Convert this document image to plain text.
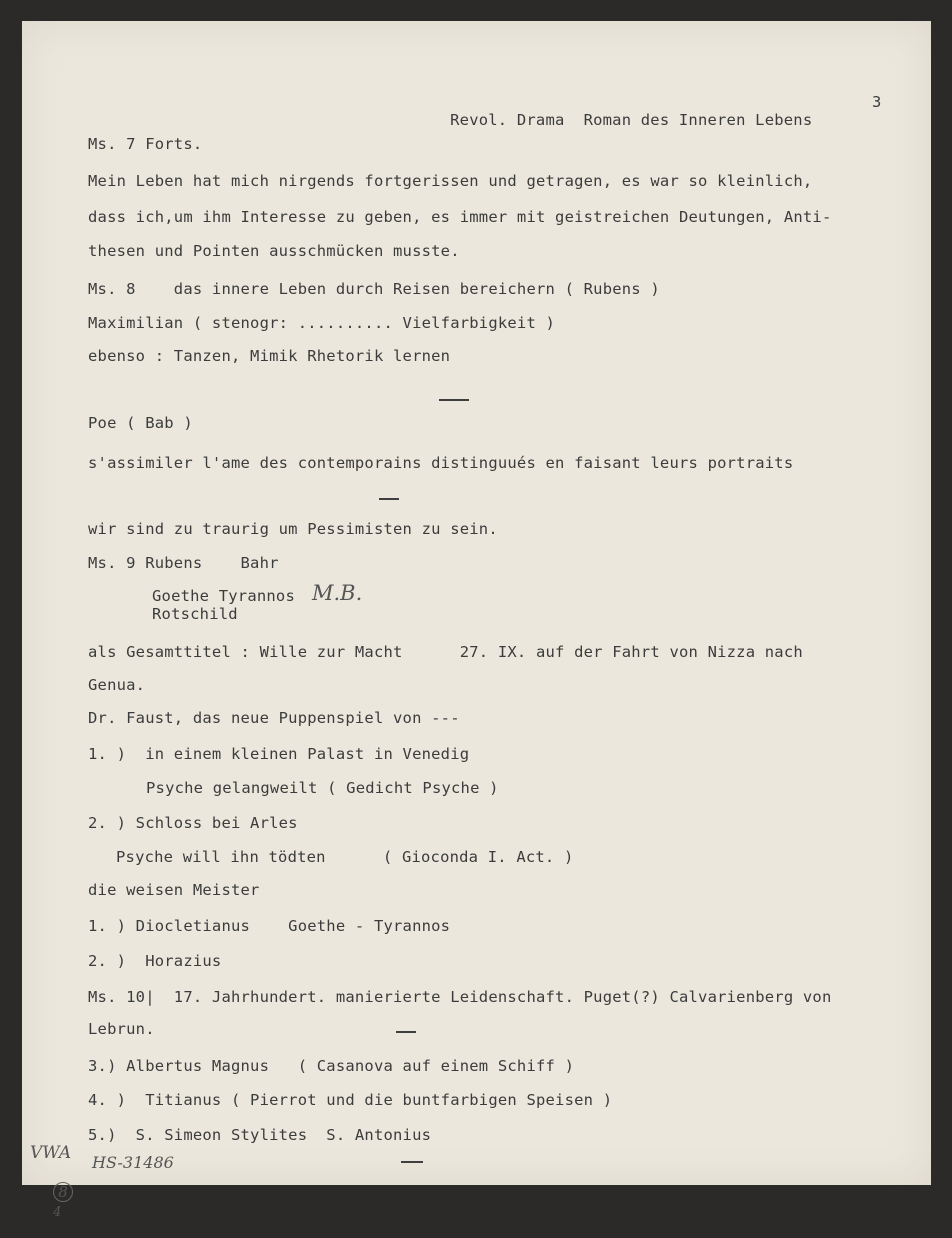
Revol. Drama  Roman des Inneren Lebens

3
Ms. 7 Forts.
Mein Leben hat mich nirgends fortgerissen und getragen, es war so kleinlich,
dass ich,um ihm Interesse zu geben, es immer mit geistreichen Deutungen, Anti-
thesen und Pointen ausschmücken musste.
Ms. 8    das innere Leben durch Reisen bereichern ( Rubens )
Maximilian ( stenogr: .......... Vielfarbigkeit )
ebenso : Tanzen, Mimik Rhetorik lernen
Poe ( Bab )
s'assimiler l'ame des contemporains distinguués en faisant leurs portraits
wir sind zu traurig um Pessimisten zu sein.
Ms. 9 Rubens    Bahr
Goethe Tyrannos M.B.
Rotschild
als Gesamttitel : Wille zur Macht      27. IX. auf der Fahrt von Nizza nach
Genua.
Dr. Faust, das neue Puppenspiel von ---
1. )  in einem kleinen Palast in Venedig
Psyche gelangweilt ( Gedicht Psyche )
2. ) Schloss bei Arles
Psyche will ihn tödten      ( Gioconda I. Act. )
die weisen Meister
1. ) Diocletianus    Goethe - Tyrannos
2. )  Horazius
Ms. 10|  17. Jahrhundert. manierierte Leidenschaft. Puget(?) Calvarienberg von
Lebrun.
3.) Albertus Magnus   ( Casanova auf einem Schiff )
4. )  Titianus ( Pierrot und die buntfarbigen Speisen )
5.)  S. Simeon Stylites  S. Antonius
VWA

8
4

HS-31486
